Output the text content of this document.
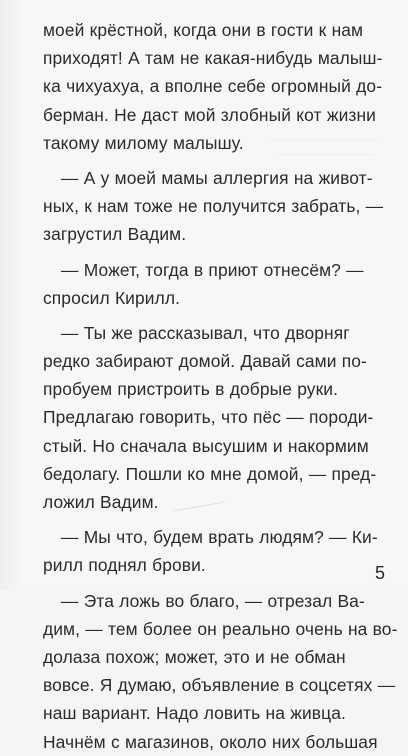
моей крёстной, когда они в гости к нам
приходят! А там не какая-нибудь малыш-
ка чихуахуа, а вполне себе огромный до-
берман. Не даст мой злобный кот жизни
такому милому малышу.
— А у моей мамы аллергия на живот-
ных, к нам тоже не получится забрать, —
загрустил Вадим.
— Может, тогда в приют отнесём? —
спросил Кирилл.
— Ты же рассказывал, что дворняг
редко забирают домой. Давай сами по-
пробуем пристроить в добрые руки.
Предлагаю говорить, что пёс — породи-
стый. Но сначала высушим и накормим
бедолагу. Пошли ко мне домой, — пред-
ложил Вадим.
— Мы что, будем врать людям? — Ки-
рилл поднял брови.
— Эта ложь во благо, — отрезал Ва-
дим, — тем более он реально очень на во-
долаза похож; может, это и не обман
вовсе. Я думаю, объявление в соцсетях —
наш вариант. Надо ловить на живца.
Начнём с магазинов, около них большая
5
